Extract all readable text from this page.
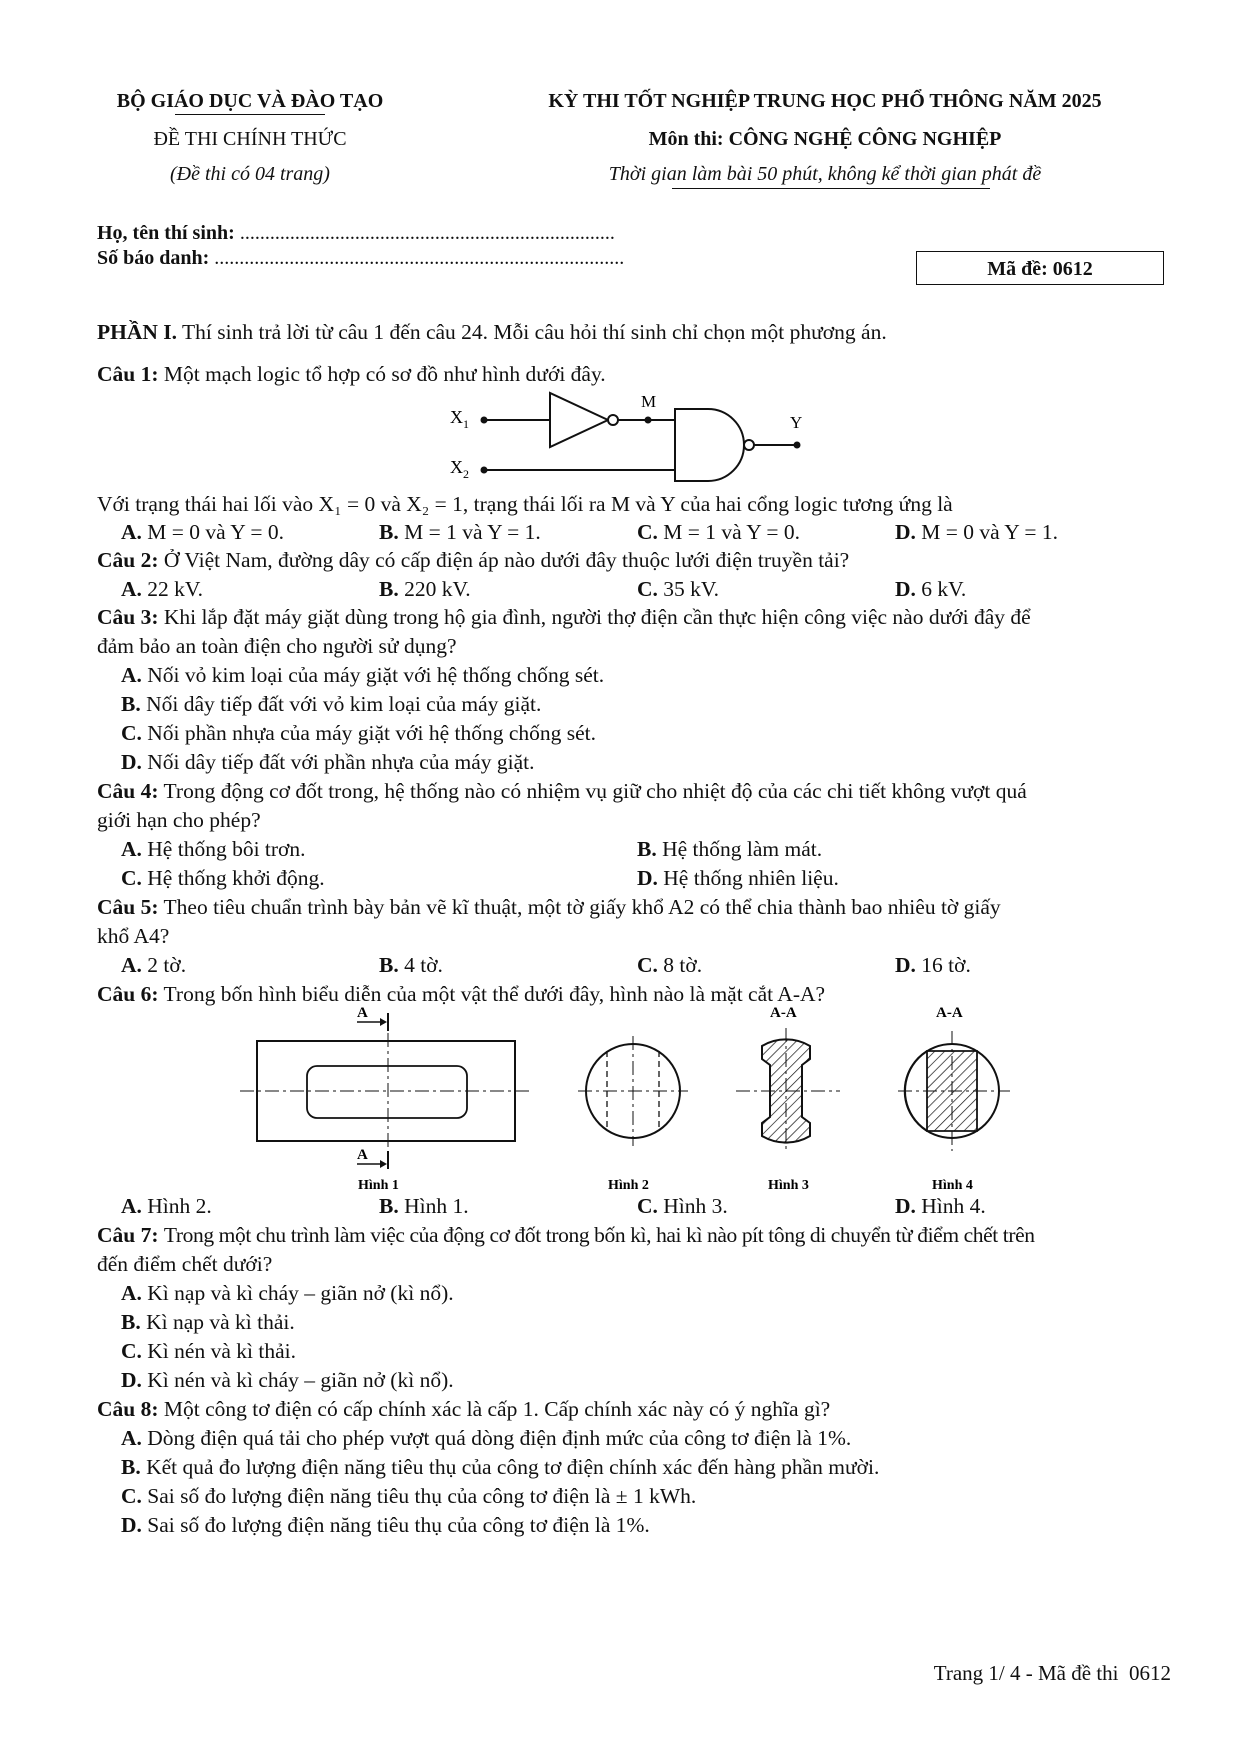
BỘ GIÁO DỤC VÀ ĐÀO TẠO
ĐỀ THI CHÍNH THỨC
(Đề thi có 04 trang)
KỲ THI TỐT NGHIỆP TRUNG HỌC PHỔ THÔNG NĂM 2025
Môn thi: CÔNG NGHỆ CÔNG NGHIỆP
Thời gian làm bài 50 phút, không kể thời gian phát đề
Họ, tên thí sinh: ...........................................................................
Số báo danh: ..................................................................................	Mã đề: 0612
PHẦN I. Thí sinh trả lời từ câu 1 đến câu 24. Mỗi câu hỏi thí sinh chỉ chọn một phương án.
Câu 1: Một mạch logic tổ hợp có sơ đồ như hình dưới đây.
$X_1$
$X_2$
M
Y
Với trạng thái hai lối vào X₁ = 0 và X₂ = 1, trạng thái lối ra M và Y của hai cổng logic tương ứng là
A. M = 0 và Y = 0.	B. M = 1 và Y = 1.	C. M = 1 và Y = 0.	D. M = 0 và Y = 1.
Câu 2: Ở Việt Nam, đường dây có cấp điện áp nào dưới đây thuộc lưới điện truyền tải?
A. 22 kV.	B. 220 kV.	C. 35 kV.	D. 6 kV.
Câu 3: Khi lắp đặt máy giặt dùng trong hộ gia đình, người thợ điện cần thực hiện công việc nào dưới đây để
đảm bảo an toàn điện cho người sử dụng?
A. Nối vỏ kim loại của máy giặt với hệ thống chống sét.
B. Nối dây tiếp đất với vỏ kim loại của máy giặt.
C. Nối phần nhựa của máy giặt với hệ thống chống sét.
D. Nối dây tiếp đất với phần nhựa của máy giặt.
Câu 4: Trong động cơ đốt trong, hệ thống nào có nhiệm vụ giữ cho nhiệt độ của các chi tiết không vượt quá
giới hạn cho phép?
A. Hệ thống bôi trơn.	B. Hệ thống làm mát.
C. Hệ thống khởi động.	D. Hệ thống nhiên liệu.
Câu 5: Theo tiêu chuẩn trình bày bản vẽ kĩ thuật, một tờ giấy khổ A2 có thể chia thành bao nhiêu tờ giấy
khổ A4?
A. 2 tờ.	B. 4 tờ.	C. 8 tờ.	D. 16 tờ.
Câu 6: Trong bốn hình biểu diễn của một vật thể dưới đây, hình nào là mặt cắt A-A?
A
A
A-A	A-A
Hình 1	Hình 2	Hình 3	Hình 4
A. Hình 2.	B. Hình 1.	C. Hình 3.	D. Hình 4.
Câu 7: Trong một chu trình làm việc của động cơ đốt trong bốn kì, hai kì nào pít tông di chuyển từ điểm chết trên
đến điểm chết dưới?
A. Kì nạp và kì cháy – giãn nở (kì nổ).
B. Kì nạp và kì thải.
C. Kì nén và kì thải.
D. Kì nén và kì cháy – giãn nở (kì nổ).
Câu 8: Một công tơ điện có cấp chính xác là cấp 1. Cấp chính xác này có ý nghĩa gì?
A. Dòng điện quá tải cho phép vượt quá dòng điện định mức của công tơ điện là 1%.
B. Kết quả đo lượng điện năng tiêu thụ của công tơ điện chính xác đến hàng phần mười.
C. Sai số đo lượng điện năng tiêu thụ của công tơ điện là ± 1 kWh.
D. Sai số đo lượng điện năng tiêu thụ của công tơ điện là 1%.
Trang 1/ 4 - Mã đề thi  0612
